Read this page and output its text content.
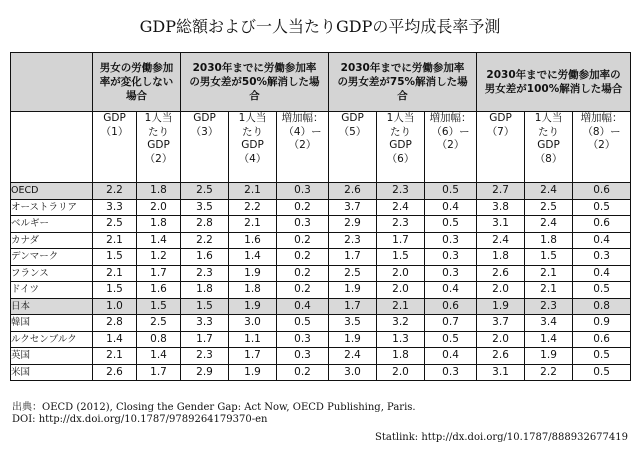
GDP総額および一人当たりGDPの平均成長率予測

	男女の労働参加率が変化しない場合		2030年までに労働参加率の男女差が50%解消した場合			2030年までに労働参加率の男女差が75%解消した場合			2030年までに労働参加率の男女差が100%解消した場合		

	GDP（1）	1人当たりGDP（2）	GDP（3）	1人当たりGDP（4）	増加幅：（4）ー（2）	GDP（5）	1人当たりGDP（6）	増加幅：（6）ー（2）	GDP（7）	1人当たりGDP（8）	増加幅：（8）ー（2）

OECD	2.2	1.8	2.5	2.1	0.3	2.6	2.3	0.5	2.7	2.4	0.6
オーストラリア	3.3	2.0	3.5	2.2	0.2	3.7	2.4	0.4	3.8	2.5	0.5
ベルギー	2.5	1.8	2.8	2.1	0.3	2.9	2.3	0.5	3.1	2.4	0.6
カナダ	2.1	1.4	2.2	1.6	0.2	2.3	1.7	0.3	2.4	1.8	0.4
デンマーク	1.5	1.2	1.6	1.4	0.2	1.7	1.5	0.3	1.8	1.5	0.3
フランス	2.1	1.7	2.3	1.9	0.2	2.5	2.0	0.3	2.6	2.1	0.4
ドイツ	1.5	1.6	1.8	1.8	0.2	1.9	2.0	0.4	2.0	2.1	0.5
日本	1.0	1.5	1.5	1.9	0.4	1.7	2.1	0.6	1.9	2.3	0.8
韓国	2.8	2.5	3.3	3.0	0.5	3.5	3.2	0.7	3.7	3.4	0.9
ルクセンブルク	1.4	0.8	1.7	1.1	0.3	1.9	1.3	0.5	2.0	1.4	0.6
英国	2.1	1.4	2.3	1.7	0.3	2.4	1.8	0.4	2.6	1.9	0.5
米国	2.6	1.7	2.9	1.9	0.2	3.0	2.0	0.3	3.1	2.2	0.5
出典：OECD (2012), Closing the Gender Gap: Act Now, OECD Publishing, Paris.
DOI: http://dx.doi.org/10.1787/9789264179370-en
Statlink: http://dx.doi.org/10.1787/888932677419
